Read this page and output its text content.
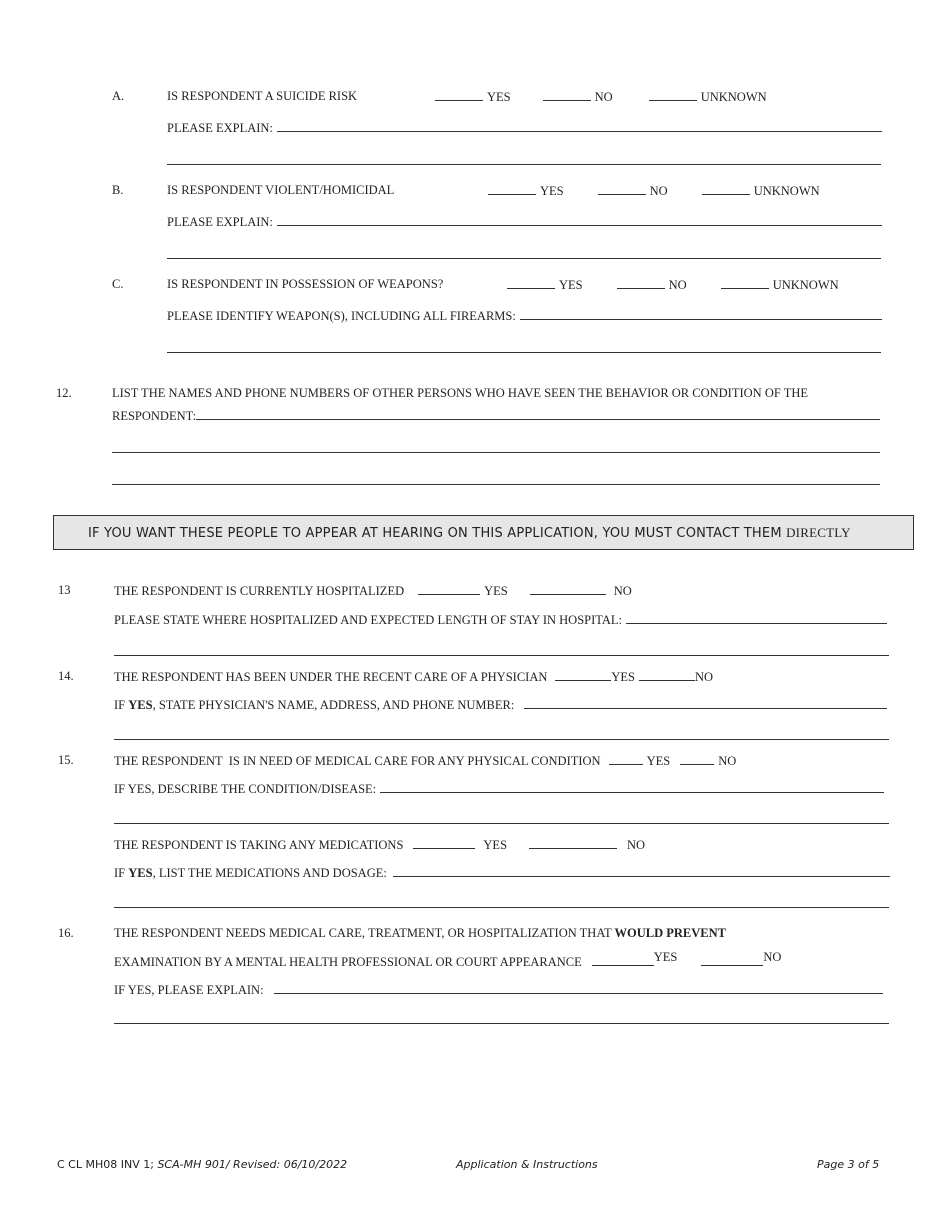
A.	IS RESPONDENT A SUICIDE RISK	YES	NO	UNKNOWN
PLEASE EXPLAIN:
B.	IS RESPONDENT VIOLENT/HOMICIDAL	YES	NO	UNKNOWN
PLEASE EXPLAIN:
C.	IS RESPONDENT IN POSSESSION OF WEAPONS?	YES	NO	UNKNOWN
PLEASE IDENTIFY WEAPON(S), INCLUDING ALL FIREARMS:
12.	LIST THE NAMES AND PHONE NUMBERS OF OTHER PERSONS WHO HAVE SEEN THE BEHAVIOR OR CONDITION OF THE
RESPONDENT:
IF YOU WANT THESE PEOPLE TO APPEAR AT HEARING ON THIS APPLICATION, YOU MUST CONTACT THEM DIRECTLY
13	THE RESPONDENT IS CURRENTLY HOSPITALIZED	YES	NO
PLEASE STATE WHERE HOSPITALIZED AND EXPECTED LENGTH OF STAY IN HOSPITAL:
14.	THE RESPONDENT HAS BEEN UNDER THE RECENT CARE OF A PHYSICIAN	YES	NO
IF YES, STATE PHYSICIAN'S NAME, ADDRESS, AND PHONE NUMBER:
15.	THE RESPONDENT  IS IN NEED OF MEDICAL CARE FOR ANY PHYSICAL CONDITION	YES	NO
IF YES, DESCRIBE THE CONDITION/DISEASE:
THE RESPONDENT IS TAKING ANY MEDICATIONS	YES	NO
IF YES, LIST THE MEDICATIONS AND DOSAGE:
16.	THE RESPONDENT NEEDS MEDICAL CARE, TREATMENT, OR HOSPITALIZATION THAT WOULD PREVENT
EXAMINATION BY A MENTAL HEALTH PROFESSIONAL OR COURT APPEARANCE	YES	NO
IF YES, PLEASE EXPLAIN:
C CL MH08 INV 1; SCA-MH 901/ Revised: 06/10/2022	Application & Instructions	Page 3 of 5
